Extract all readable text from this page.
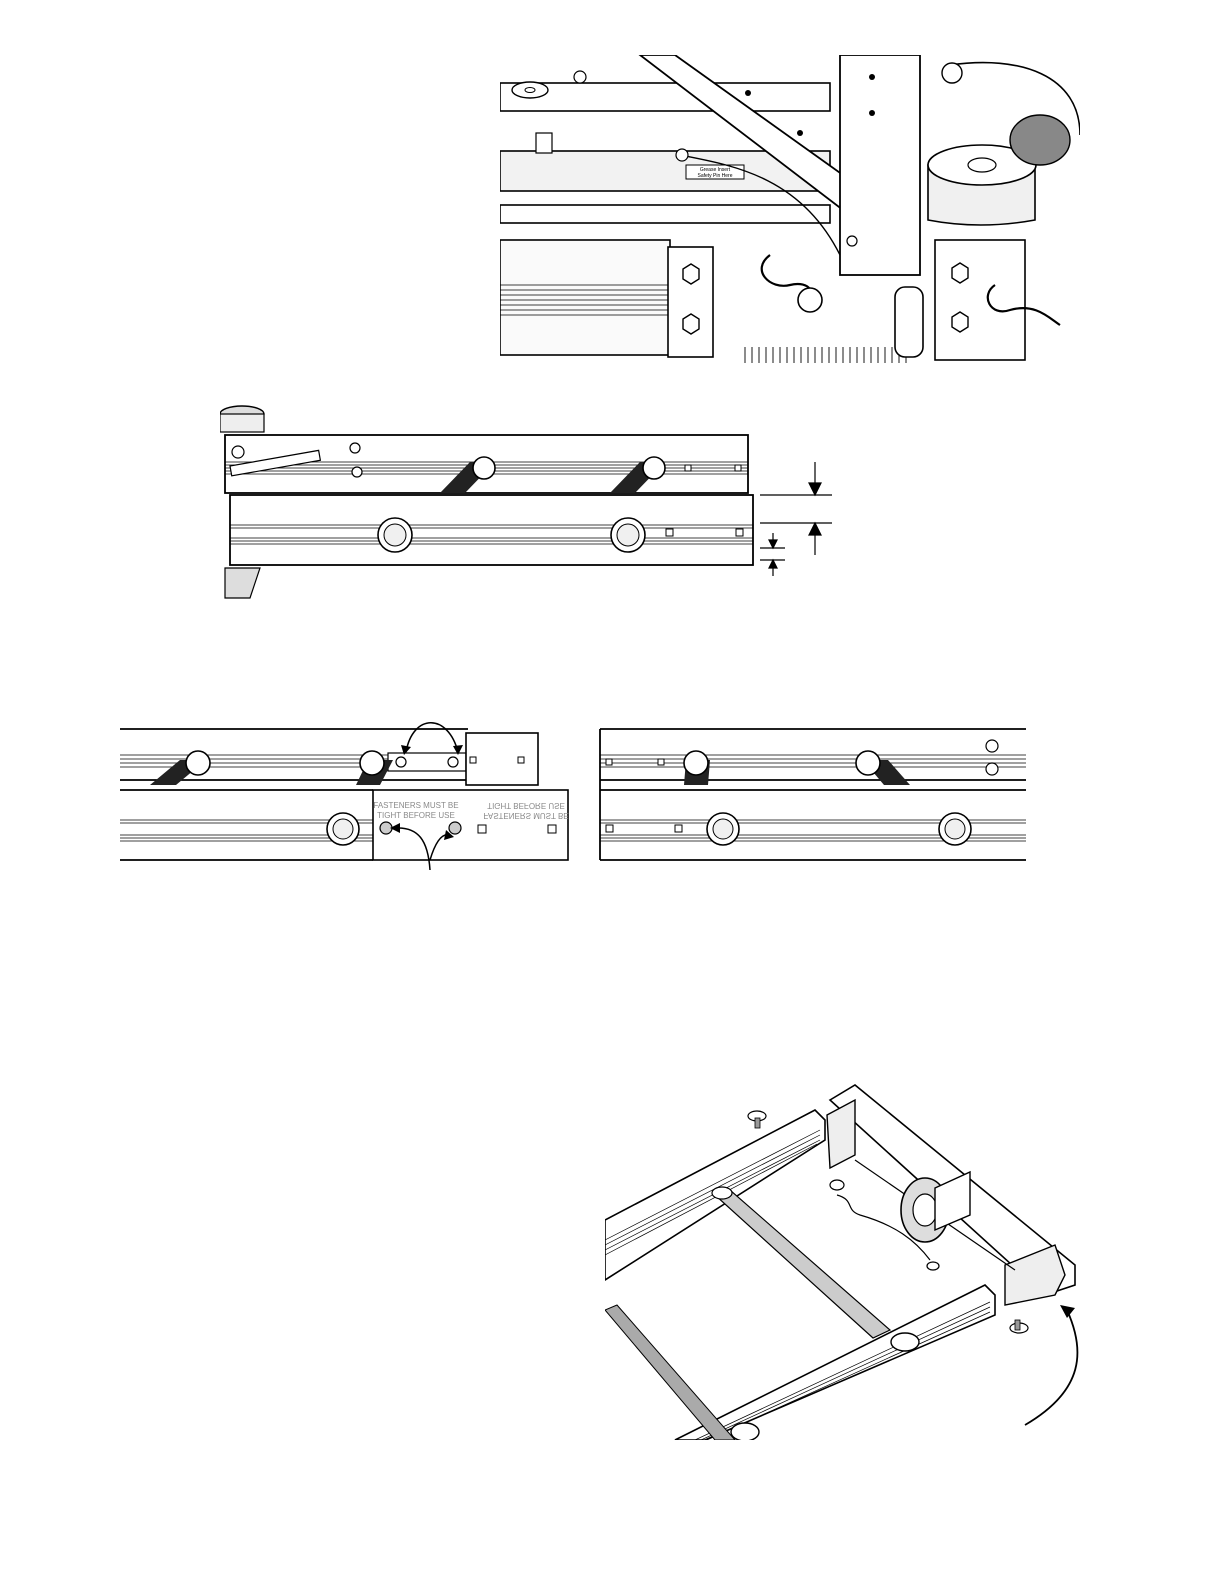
Grease Insert
Safety Pin Here
FASTENERS MUST BE
TIGHT BEFORE USE	FASTENERS MUST BE
TIGHT BEFORE USE
